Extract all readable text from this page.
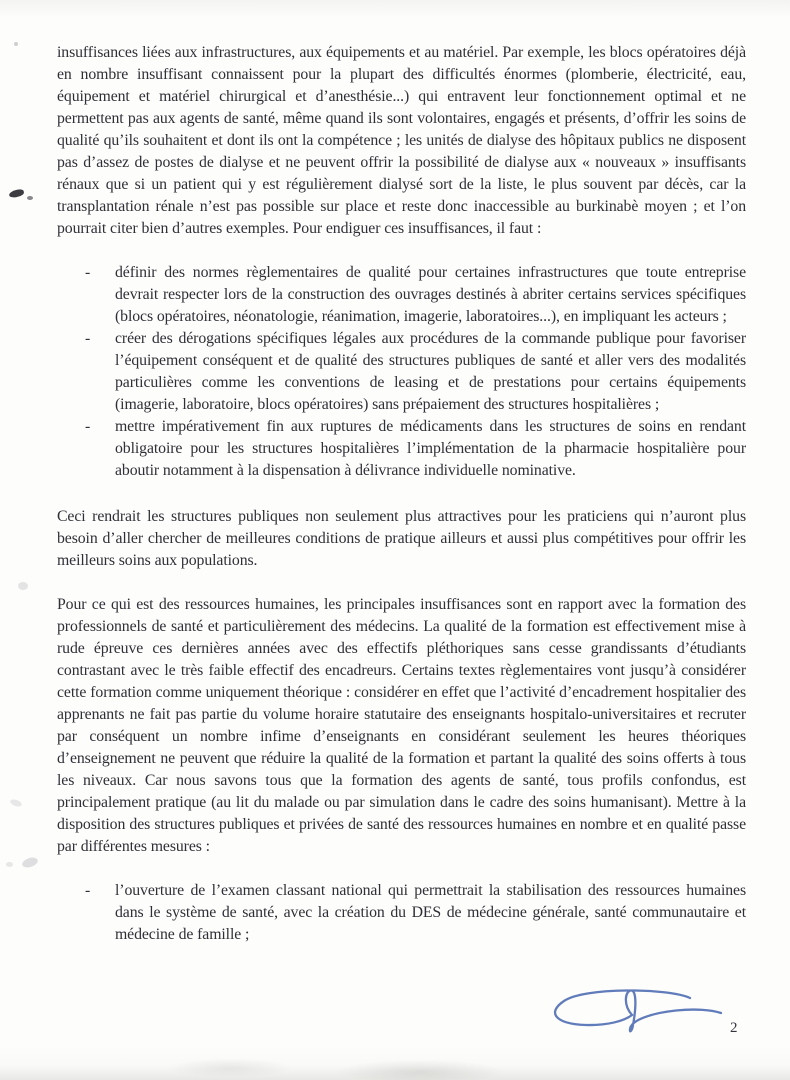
insuffisances liées aux infrastructures, aux équipements et au matériel. Par exemple, les blocs opératoires déjà en nombre insuffisant connaissent pour la plupart des difficultés énormes (plomberie, électricité, eau, équipement et matériel chirurgical et d’anesthésie...) qui entravent leur fonctionnement optimal et ne permettent pas aux agents de santé, même quand ils sont volontaires, engagés et présents, d’offrir les soins de qualité qu’ils souhaitent et dont ils ont la compétence ; les unités de dialyse des hôpitaux publics ne disposent pas d’assez de postes de dialyse et ne peuvent offrir la possibilité de dialyse aux « nouveaux » insuffisants rénaux que si un patient qui y est régulièrement dialysé sort de la liste, le plus souvent par décès, car la transplantation rénale n’est pas possible sur place et reste donc inaccessible au burkinabè moyen ; et l’on pourrait citer bien d’autres exemples. Pour endiguer ces insuffisances, il faut :

- définir des normes règlementaires de qualité pour certaines infrastructures que toute entreprise devrait respecter lors de la construction des ouvrages destinés à abriter certains services spécifiques (blocs opératoires, néonatologie, réanimation, imagerie, laboratoires...), en impliquant les acteurs ;
- créer des dérogations spécifiques légales aux procédures de la commande publique pour favoriser l’équipement conséquent et de qualité des structures publiques de santé et aller vers des modalités particulières comme les conventions de leasing et de prestations pour certains équipements (imagerie, laboratoire, blocs opératoires) sans prépaiement des structures hospitalières ;
- mettre impérativement fin aux ruptures de médicaments dans les structures de soins en rendant obligatoire pour les structures hospitalières l’implémentation de la pharmacie hospitalière pour aboutir notamment à la dispensation à délivrance individuelle nominative.

Ceci rendrait les structures publiques non seulement plus attractives pour les praticiens qui n’auront plus besoin d’aller chercher de meilleures conditions de pratique ailleurs et aussi plus compétitives pour offrir les meilleurs soins aux populations.

Pour ce qui est des ressources humaines, les principales insuffisances sont en rapport avec la formation des professionnels de santé et particulièrement des médecins. La qualité de la formation est effectivement mise à rude épreuve ces dernières années avec des effectifs pléthoriques sans cesse grandissants d’étudiants contrastant avec le très faible effectif des encadreurs. Certains textes règlementaires vont jusqu’à considérer cette formation comme uniquement théorique : considérer en effet que l’activité d’encadrement hospitalier des apprenants ne fait pas partie du volume horaire statutaire des enseignants hospitalo-universitaires et recruter par conséquent un nombre infime d’enseignants en considérant seulement les heures théoriques d’enseignement ne peuvent que réduire la qualité de la formation et partant la qualité des soins offerts à tous les niveaux. Car nous savons tous que la formation des agents de santé, tous profils confondus, est principalement pratique (au lit du malade ou par simulation dans le cadre des soins humanisant). Mettre à la disposition des structures publiques et privées de santé des ressources humaines en nombre et en qualité passe par différentes mesures :

- l’ouverture de l’examen classant national qui permettrait la stabilisation des ressources humaines dans le système de santé, avec la création du DES de médecine générale, santé communautaire et médecine de famille ;
2
